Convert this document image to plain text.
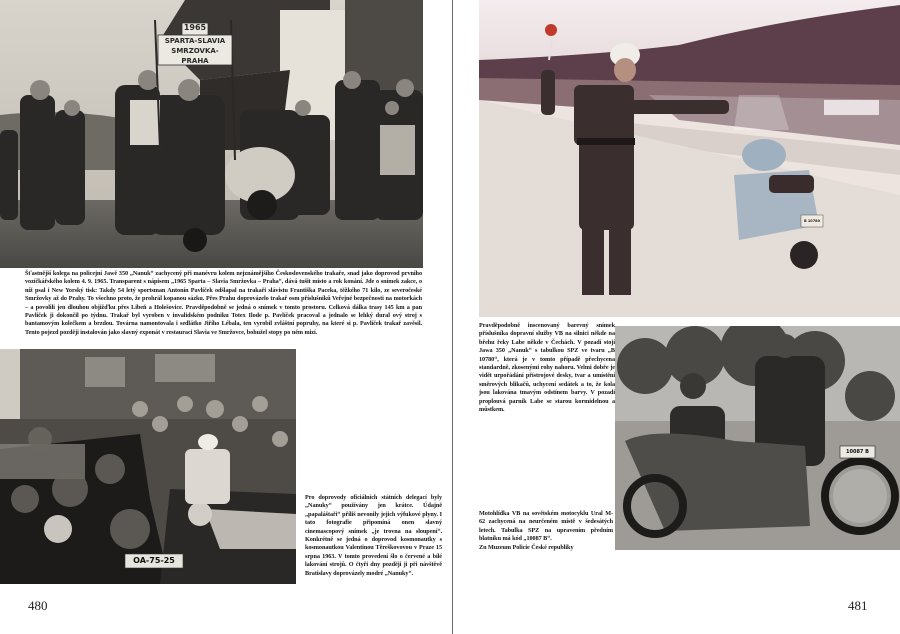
1965
SPARTA-SLAVIA
SMRZOVKA-PRAHA
Šťastnější kolega na policejní Jawě 350 „Nanuk“ zachycený při manévru kolem nejznámějšího Československého trakaře, snad jako doprovod prvního vozíčkářského kolem 4. 9. 1965. Transparent s nápisem „1965 Sparta – Slavia Smržovka – Praha“, dává tušit místo a rok konání. Jde o snímek zakce, o níž psal i New Yorský tisk: Takdy 54 letý sportsman Antonín Pavlíček odšlapal na trakaři slávistu Františka Paceka, těžkého 71 kilo, ze severočeské Smržovky až do Prahy. To všechno proto, že prohrál kopanou sázku. Přes Prahu doprovázelo trakař osm příslušníků Veřejné bezpečnosti na motorkách – a povolili jen dlouhou objížďku přes Libeň a Holešovice. Pravděpodobně se jedná o snímek v tomto prostoru. Celková dálka trasy 145 km a pan Pavlíček ji dokončil po týdnu. Trakař byl vyroben v invalidském podniku Totex Ilode p. Pavlíček pracoval a jednalo se lehký dural ový stroj s bantamovým kolečkem a brzdou. Továrna namontovala i sedlátko Jiřího Lébala, ten vyrobil zvláštní popruhy, na které si p. Pavlíček trakař zavěsil. Tento pojezd později instalován jako slavný exponát v restauraci Slavia ve Smržovce, bohužel stopy po něm mizí.
OA-75-25
Pro doprovody oficiálních státních delegací byly „Nanuky“ používány jen krátce. Údajně „papaláštaři“ příliš nevonily jejich výfukové plyny. I tato fotografie připomíná onen slavný cinemascopový snímek „je trovna na sloupení“. Konkrétně se jedná o doprovod kosmonautky s kosmonautkou Valentinou Těreškovovou v Praze 15 srpna 1963. V tomto provedení šlo o červené a bílé lakování strojů. O čtyři dny později ji při návštěvě Bratislavy doprovázely modré „Nanuky“.
480
B 10780
Pravděpodobně inscenovaný barevný snímek příslušníka dopravní služby VB na silnici někde na břehu řeky Labe někde v Čechách. V pozadí stojí Jawa 350 „Nanuk“ s tabulkou SPZ ve tvaru „B 10780“, která je v tomto případě přechycena standardně, zkosenými rohy nahoru. Velmi dobře je vidět urpořádání přístrojové desky, tvar a umístění směrových blikačů, uchycení sedátek a to, že kola jsou lakována tmavým odstínem barvy. V pozadí proplouvá parník Labe se starou kormidelnou a můstkem.
10087 B
Motohlídka VB na sovětském motocyklu Ural M-62 zachycená na neurčeném místě v šedesátých letech. Tabulka SPZ na upravením předním blatníku má kód „10087 B“.
Zn Muzeum Policie České republiky
481
